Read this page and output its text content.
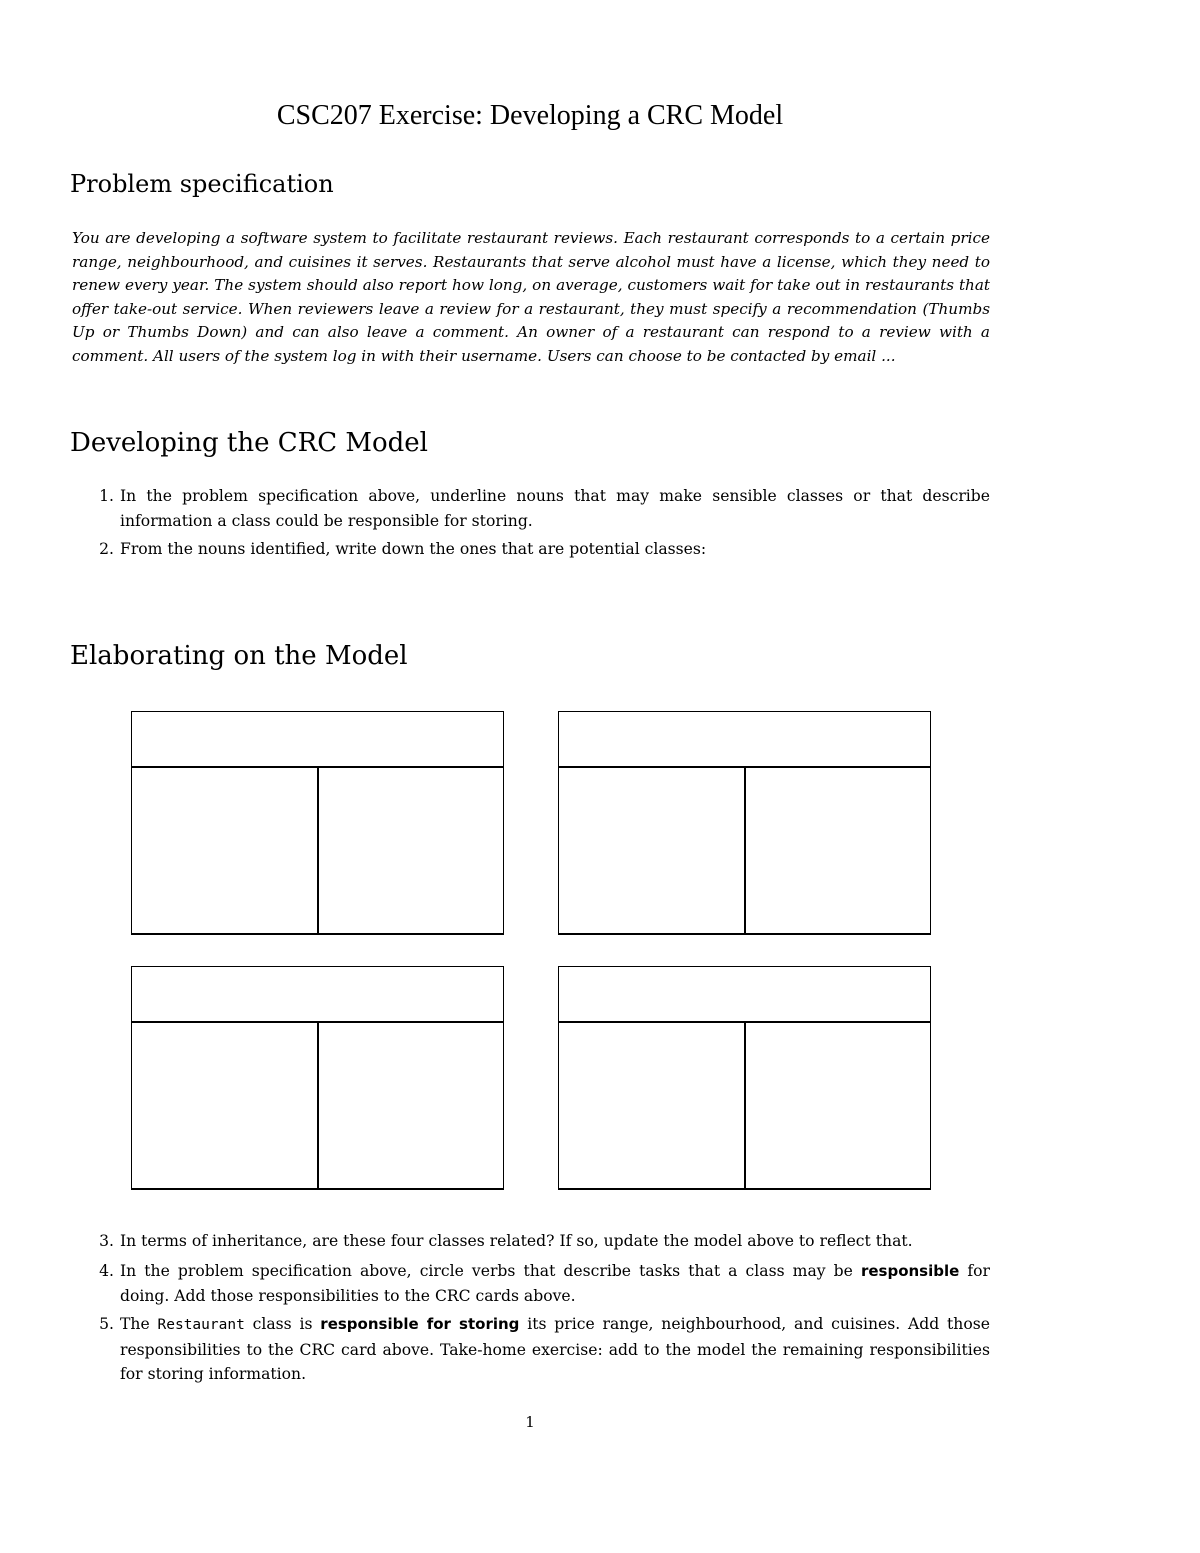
CSC207 Exercise: Developing a CRC Model
Problem specification

You are developing a software system to facilitate restaurant reviews. Each restaurant corresponds to a certain price range, neighbourhood, and cuisines it serves. Restaurants that serve alcohol must have a license, which they need to renew every year. The system should also report how long, on average, customers wait for take out in restaurants that offer take-out service. When reviewers leave a review for a restaurant, they must specify a recommendation (Thumbs Up or Thumbs Down) and can also leave a comment. An owner of a restaurant can respond to a review with a comment. All users of the system log in with their username. Users can choose to be contacted by email ...

Developing the CRC Model
1. In the problem specification above, underline nouns that may make sensible classes or that describe information a class could be responsible for storing.
2. From the nouns identified, write down the ones that are potential classes:
Elaborating on the Model
3. In terms of inheritance, are these four classes related? If so, update the model above to reflect that.
4. In the problem specification above, circle verbs that describe tasks that a class may be responsible for doing. Add those responsibilities to the CRC cards above.
5. The Restaurant class is responsible for storing its price range, neighbourhood, and cuisines. Add those responsibilities to the CRC card above. Take-home exercise: add to the model the remaining responsibilities for storing information.
1
